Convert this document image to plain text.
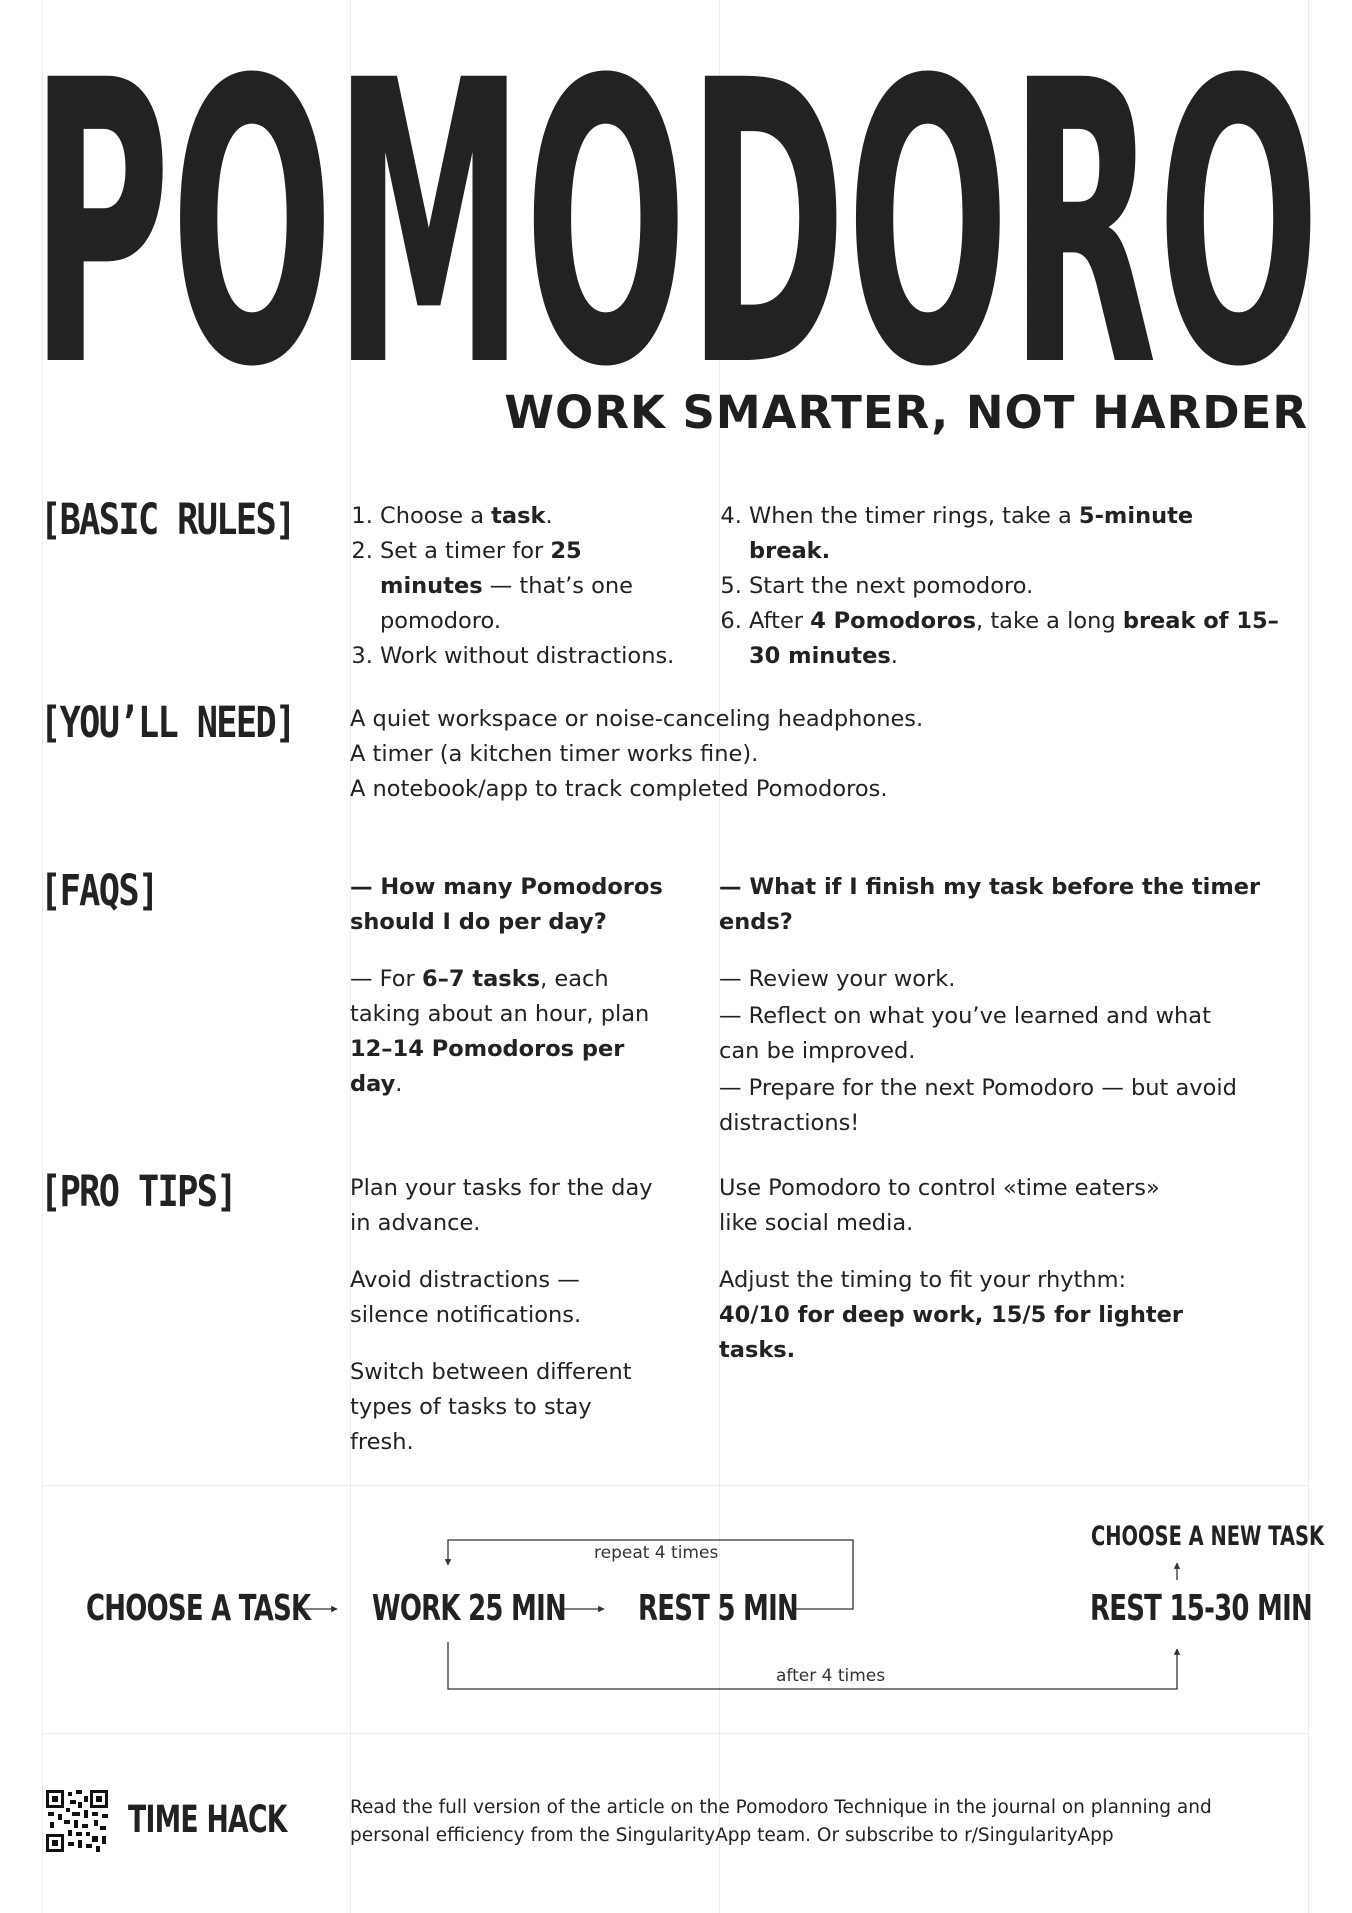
POMODORO
WORK SMARTER, NOT HARDER
[BASIC RULES]
1.	Choose a task.
2. Set a timer for 25 minutes — that’s one pomodoro.
3. Work without distractions.
4. When the timer rings, take a 5-minute break.
5. Start the next pomodoro.
6. After 4 Pomodoros, take a long break of 15–30 minutes.
[YOU’LL NEED] A quiet workspace or noise-canceling headphones.
A timer (a kitchen timer works fine).
A notebook/app to track completed Pomodoros.
[FAQS]	— How many Pomodoros should I do per day?
— For 6–7 tasks, each taking about an hour, plan 12–14 Pomodoros per day.
— What if I finish my task before the timer ends?
— Review your work.
— Reflect on what you’ve learned and what can be improved.
— Prepare for the next Pomodoro — but avoid distractions!
[PRO TIPS]	Plan your tasks for the day in advance.
Avoid distractions — silence notifications.
Switch between different types of tasks to stay fresh.
Use Pomodoro to control «time eaters» like social media.
Adjust the timing to fit your rhythm:
40/10 for deep work, 15/5 for lighter tasks.
CHOOSE A TASK WORK 25 MIN REST 5 MIN	REST 15-30 MIN
CHOOSE A NEW TASK
repeat 4 times
after 4 times
TIME HACK	Read the full version of the article on the Pomodoro Technique in the journal on planning and personal efficiency from the SingularityApp team. Or subscribe to r/SingularityApp
